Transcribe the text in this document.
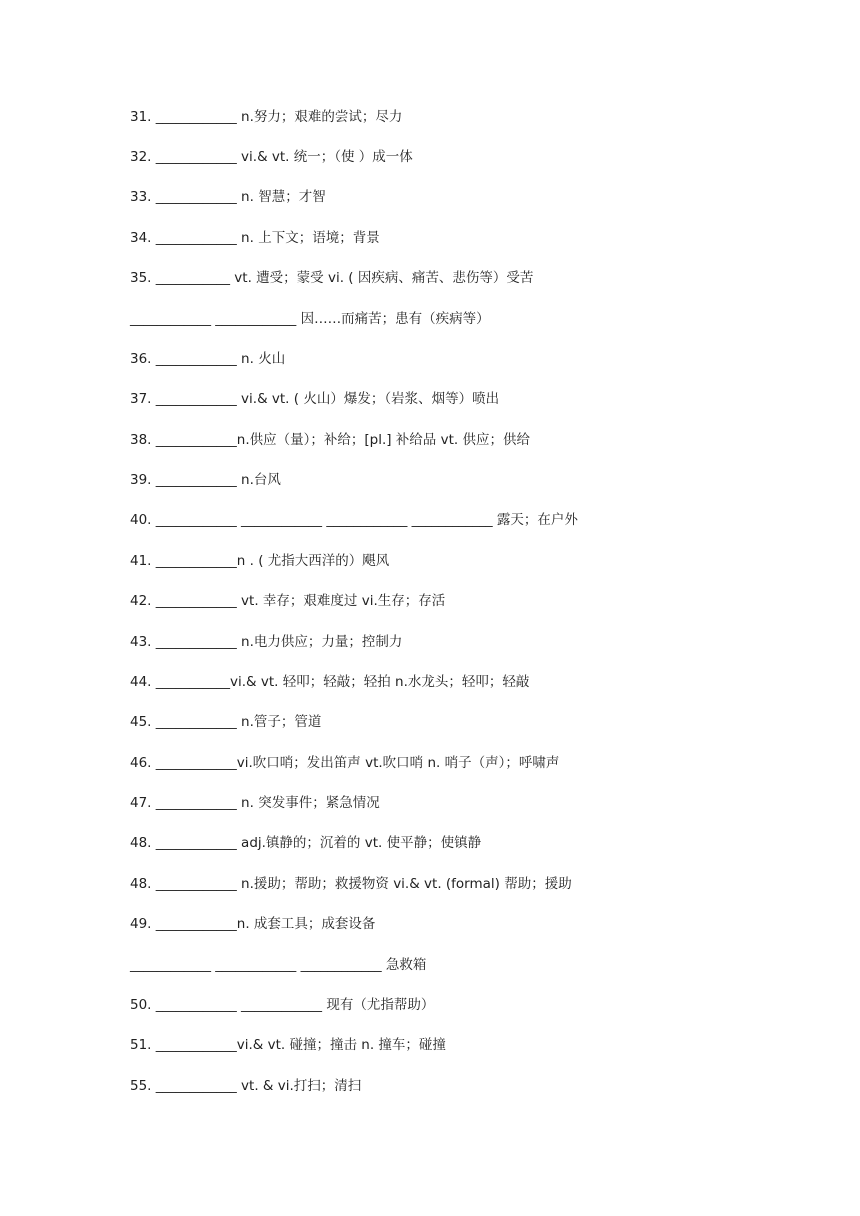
31. ____________ n.努力；艰难的尝试；尽力
32. ____________ vi.& vt. 统一；（使 ）成一体
33. ____________ n. 智慧；才智
34. ____________ n. 上下文；语境；背景
35. ___________ vt. 遭受；蒙受 vi. ( 因疾病、痛苦、悲伤等）受苦
____________ ____________ 因……而痛苦；患有（疾病等）
36. ____________ n. 火山
37. ____________ vi.& vt. ( 火山）爆发；（岩浆、烟等）喷出
38. ____________n.供应（量）；补给；[pl.] 补给品 vt. 供应；供给
39. ____________ n.台风
40. ____________ ____________ ____________ ____________ 露天；在户外
41. ____________n . ( 尤指大西洋的）飓风
42. ____________ vt. 幸存；艰难度过 vi.生存；存活
43. ____________ n.电力供应；力量；控制力
44. ___________vi.& vt. 轻叩；轻敲；轻拍 n.水龙头；轻叩；轻敲
45. ____________ n.管子；管道
46. ____________vi.吹口哨；发出笛声 vt.吹口哨 n. 哨子（声）；呼啸声
47. ____________ n. 突发事件；紧急情况
48. ____________ adj.镇静的；沉着的 vt. 使平静；使镇静
48. ____________ n.援助；帮助；救援物资 vi.& vt. (formal) 帮助；援助
49. ____________n. 成套工具；成套设备
____________ ____________ ____________ 急救箱
50. ____________ ____________ 现有（尤指帮助）
51. ____________vi.& vt. 碰撞；撞击 n. 撞车；碰撞
55. ____________ vt. & vi.打扫；清扫
